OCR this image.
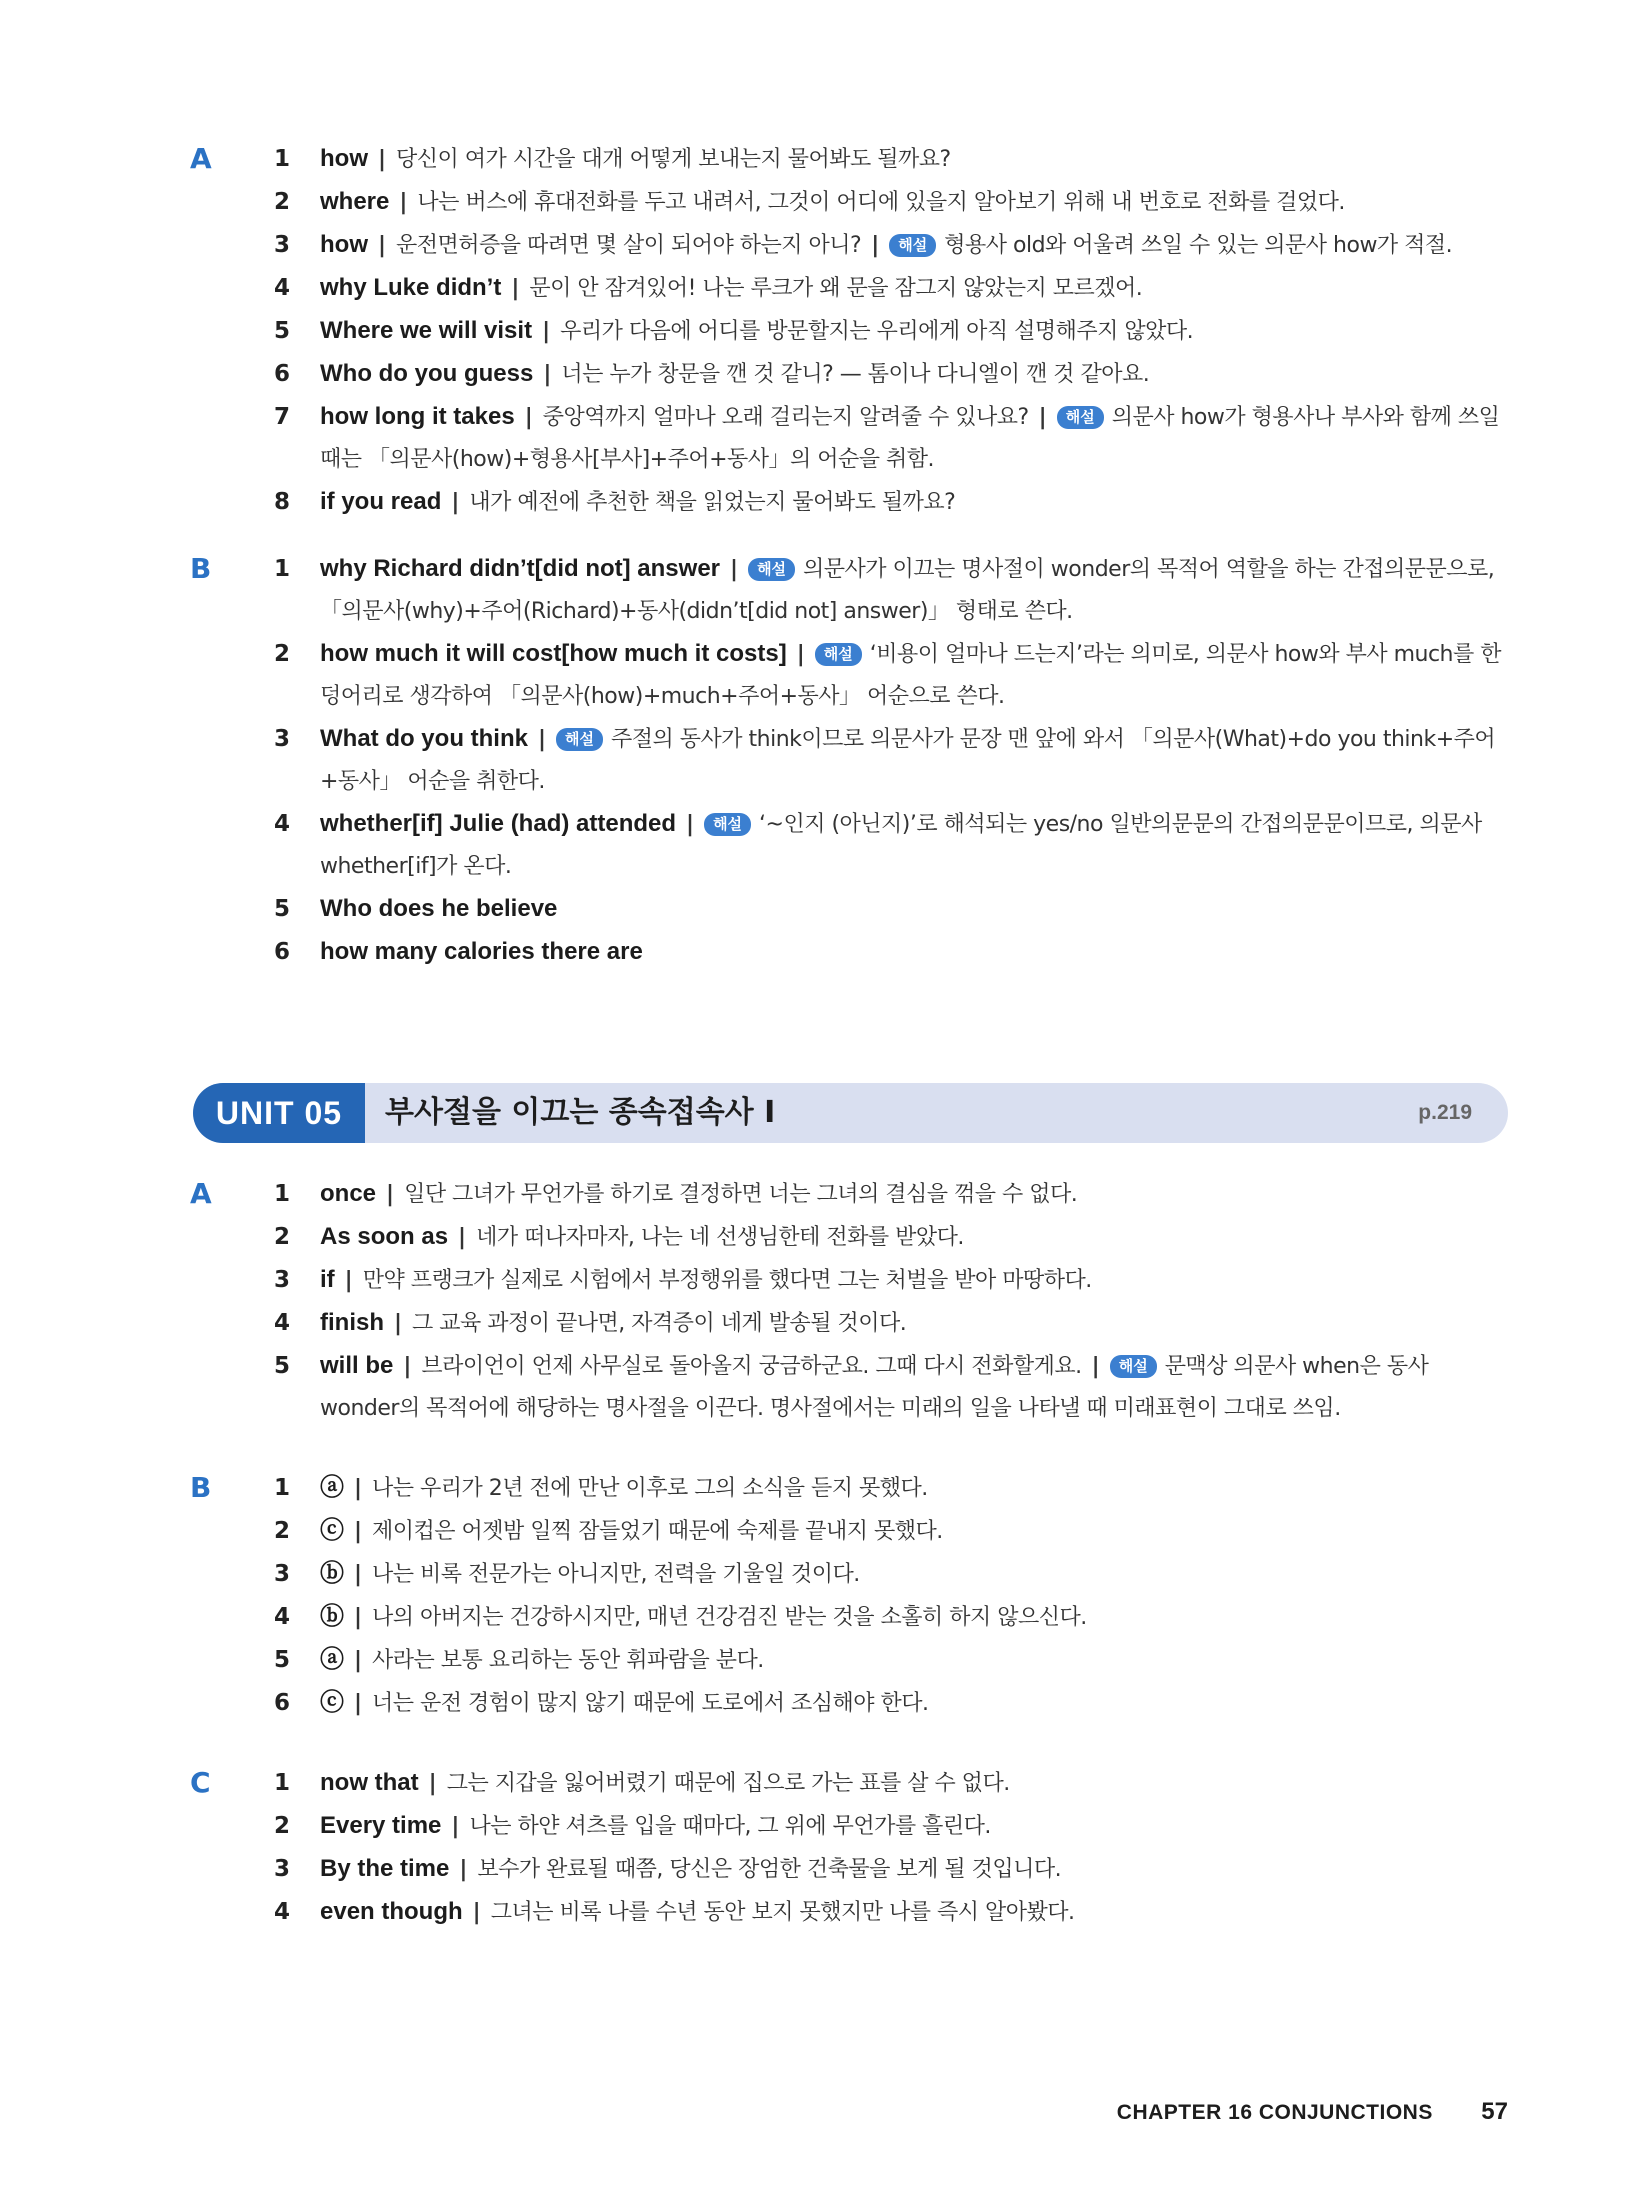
A	1 how | 당신이 여가 시간을 대개 어떻게 보내는지 물어봐도 될까요?
2 where | 나는 버스에 휴대전화를 두고 내려서, 그것이 어디에 있을지 알아보기 위해 내 번호로 전화를 걸었다.
3 how | 운전면허증을 따려면 몇 살이 되어야 하는지 아니? | 해설 형용사 old와 어울려 쓰일 수 있는 의문사 how가 적절.
4 why Luke didn’t | 문이 안 잠겨있어! 나는 루크가 왜 문을 잠그지 않았는지 모르겠어.
5 Where we will visit | 우리가 다음에 어디를 방문할지는 우리에게 아직 설명해주지 않았다.
6 Who do you guess | 너는 누가 창문을 깬 것 같니? — 톰이나 다니엘이 깬 것 같아요.
7 how long it takes | 중앙역까지 얼마나 오래 걸리는지 알려줄 수 있나요? | 해설 의문사 how가 형용사나 부사와 함께 쓰일 때는 「의문사(how)+형용사[부사]+주어+동사」의 어순을 취함.
8 if you read | 내가 예전에 추천한 책을 읽었는지 물어봐도 될까요?
B	1 why Richard didn’t[did not] answer | 해설 의문사가 이끄는 명사절이 wonder의 목적어 역할을 하는 간접의문문으로, 「의문사(why)+주어(Richard)+동사(didn’t[did not] answer)」 형태로 쓴다.
2 how much it will cost[how much it costs] | 해설 ‘비용이 얼마나 드는지’라는 의미로, 의문사 how와 부사 much를 한 덩어리로 생각하여 「의문사(how)+much+주어+동사」 어순으로 쓴다.
3 What do you think | 해설 주절의 동사가 think이므로 의문사가 문장 맨 앞에 와서 「의문사(What)+do you think+주어+동사」 어순을 취한다.
4 whether[if] Julie (had) attended | 해설 ‘~인지 (아닌지)’로 해석되는 yes/no 일반의문문의 간접의문문이므로, 의문사 whether[if]가 온다.
5 Who does he believe
6 how many calories there are
UNIT 05	부사절을 이끄는 종속접속사 Ⅰ	p.219
A	1 once | 일단 그녀가 무언가를 하기로 결정하면 너는 그녀의 결심을 꺾을 수 없다.
2 As soon as | 네가 떠나자마자, 나는 네 선생님한테 전화를 받았다.
3 if | 만약 프랭크가 실제로 시험에서 부정행위를 했다면 그는 처벌을 받아 마땅하다.
4 finish | 그 교육 과정이 끝나면, 자격증이 네게 발송될 것이다.
5 will be | 브라이언이 언제 사무실로 돌아올지 궁금하군요. 그때 다시 전화할게요. | 해설 문맥상 의문사 when은 동사 wonder의 목적어에 해당하는 명사절을 이끈다. 명사절에서는 미래의 일을 나타낼 때 미래표현이 그대로 쓰임.
B	1 ⓐ | 나는 우리가 2년 전에 만난 이후로 그의 소식을 듣지 못했다.
2 ⓒ | 제이컵은 어젯밤 일찍 잠들었기 때문에 숙제를 끝내지 못했다.
3 ⓑ | 나는 비록 전문가는 아니지만, 전력을 기울일 것이다.
4 ⓑ | 나의 아버지는 건강하시지만, 매년 건강검진 받는 것을 소홀히 하지 않으신다.
5 ⓐ | 사라는 보통 요리하는 동안 휘파람을 분다.
6 ⓒ | 너는 운전 경험이 많지 않기 때문에 도로에서 조심해야 한다.
C	1 now that | 그는 지갑을 잃어버렸기 때문에 집으로 가는 표를 살 수 없다.
2 Every time | 나는 하얀 셔츠를 입을 때마다, 그 위에 무언가를 흘린다.
3 By the time | 보수가 완료될 때쯤, 당신은 장엄한 건축물을 보게 될 것입니다.
4 even though | 그녀는 비록 나를 수년 동안 보지 못했지만 나를 즉시 알아봤다.
CHAPTER 16 CONJUNCTIONS 57
